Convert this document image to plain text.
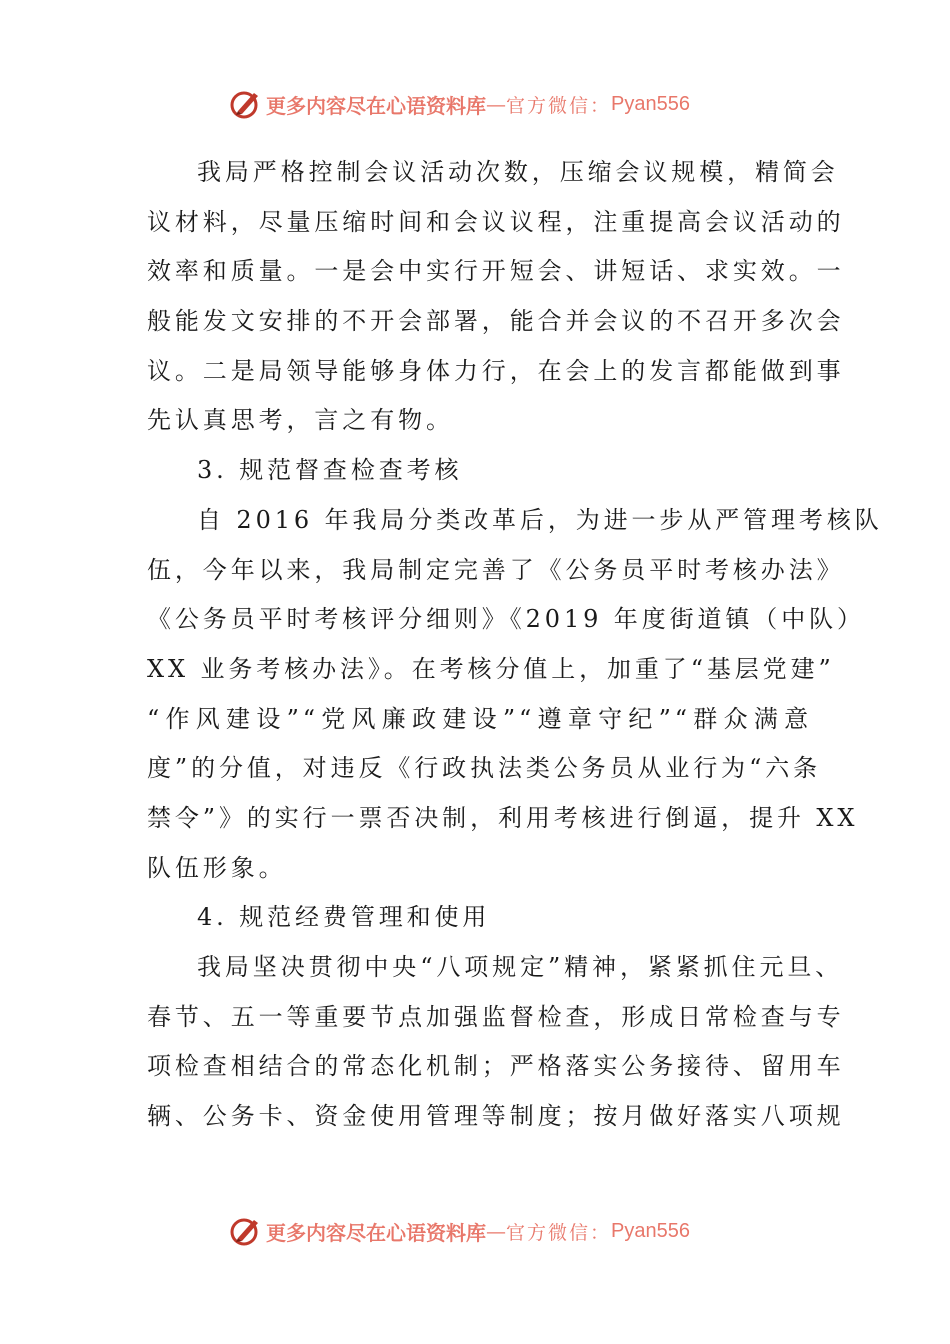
更多内容尽在心语资料库 — 官方微信： Pyan556
我局严格控制会议活动次数，压缩会议规模，精简会
议材料，尽量压缩时间和会议议程，注重提高会议活动的
效率和质量。一是会中实行开短会、讲短话、求实效。一
般能发文安排的不开会部署，能合并会议的不召开多次会
议。二是局领导能够身体力行，在会上的发言都能做到事
先认真思考，言之有物。
3. 规范督查检查考核
自 2016 年我局分类改革后，为进一步从严管理考核队
伍，今年以来，我局制定完善了《公务员平时考核办法》
《公务员平时考核评分细则》《2019 年度街道镇（中队）
XX 业务考核办法》。在考核分值上，加重了“基层党建”
“作风建设”“党风廉政建设”“遵章守纪”“群众满意
度”的分值，对违反《行政执法类公务员从业行为“六条
禁令”》的实行一票否决制，利用考核进行倒逼，提升 XX
队伍形象。
4. 规范经费管理和使用
我局坚决贯彻中央“八项规定”精神，紧紧抓住元旦、
春节、五一等重要节点加强监督检查，形成日常检查与专
项检查相结合的常态化机制；严格落实公务接待、留用车
辆、公务卡、资金使用管理等制度；按月做好落实八项规
更多内容尽在心语资料库 — 官方微信： Pyan556
